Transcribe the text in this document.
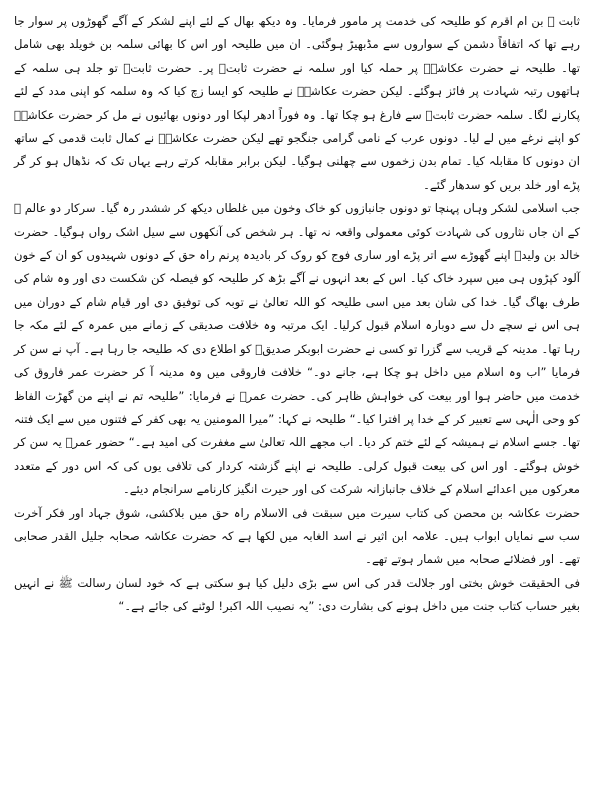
ثابت ؓ بن ام اقرم کو طلیحہ کی خدمت پر مامور فرمایا۔ وہ دیکھ بھال کے لئے اپنے لشکر کے آگے گھوڑوں پر سوار جا رہے تھا کہ اتفاقاً دشمن کے سواروں سے مڈبھیڑ ہوگئی۔ ان میں طلیحہ اور اس کا بھائی سلمہ بن خویلد بھی شامل تھا۔ طلیحہ نے حضرت عکاشہؓ پر حملہ کیا اور سلمہ نے حضرت ثابتؓ پر۔ حضرت ثابتؓ تو جلد ہی سلمہ کے ہاتھوں رتبہ شہادت پر فائز ہوگئے۔ لیکن حضرت عکاشہؓ نے طلیحہ کو ایسا زچ کیا کہ وہ سلمہ کو اپنی مدد کے لئے پکارنے لگا۔ سلمہ حضرت ثابتؓ سے فارغ ہو چکا تھا۔ وہ فوراً ادھر لپکا اور دونوں بھائیوں نے مل کر حضرت عکاشہؓ کو اپنے نرغے میں لے لیا۔ دونوں عرب کے نامی گرامی جنگجو تھے لیکن حضرت عکاشہؓ نے کمال ثابت قدمی کے ساتھ ان دونوں کا مقابلہ کیا۔ تمام بدن زخموں سے چھلنی ہوگیا۔ لیکن برابر مقابلہ کرتے رہے یہاں تک کہ نڈھال ہو کر گر پڑے اور خلد بریں کو سدھار گئے۔

جب اسلامی لشکر وہاں پہنچا تو دونوں جانبازوں کو خاک وخون میں غلطاں دیکھ کر ششدر رہ گیا۔ سرکار دو عالم ﷺ کے ان جاں نثاروں کی شہادت کوئی معمولی واقعہ نہ تھا۔ ہر شخص کی آنکھوں سے سیل اشک رواں ہوگیا۔ حضرت خالد بن ولیدؓ اپنے گھوڑے سے اتر پڑے اور ساری فوج کو روک کر بادیدہ پرنم راہ حق کے دونوں شہیدوں کو ان کے خون آلود کپڑوں ہی میں سپرد خاک کیا۔ اس کے بعد انہوں نے آگے بڑھ کر طلیحہ کو فیصلہ کن شکست دی اور وہ شام کی طرف بھاگ گیا۔ خدا کی شان بعد میں اسی طلیحہ کو اللہ تعالیٰ نے توبہ کی توفیق دی اور قیام شام کے دوران میں ہی اس نے سچے دل سے دوبارہ اسلام قبول کرلیا۔ ایک مرتبہ وہ خلافت صدیقی کے زمانے میں عمرہ کے لئے مکہ جا رہا تھا۔ مدینہ کے قریب سے گزرا تو کسی نے حضرت ابوبکر صدیقؓ کو اطلاع دی کہ طلیحہ جا رہا ہے۔ آپ نے سن کر فرمایا ”اب وہ اسلام میں داخل ہو چکا ہے، جانے دو۔“ خلافت فاروقی میں وہ مدینہ آ کر حضرت عمر فاروق کی خدمت میں حاضر ہوا اور بیعت کی خواہش ظاہر کی۔ حضرت عمرؓ نے فرمایا: ”طلیحہ تم نے اپنے من گھڑت الفاظ کو وحی الٰہی سے تعبیر کر کے خدا پر افترا کیا۔“ طلیحہ نے کہا: ”میرا المومنین یہ بھی کفر کے فتنوں میں سے ایک فتنہ تھا۔ جسے اسلام نے ہمیشہ کے لئے ختم کر دیا۔ اب مجھے اللہ تعالیٰ سے مغفرت کی امید ہے۔“ حضور عمرؓ یہ سن کر خوش ہوگئے۔ اور اس کی بیعت قبول کرلی۔ طلیحہ نے اپنے گزشتہ کردار کی تلافی یوں کی کہ اس دور کے متعدد معرکوں میں اعدائے اسلام کے خلاف جانبازانہ شرکت کی اور حیرت انگیز کارنامے سرانجام دیئے۔

حضرت عکاشہ بن محصن کی کتاب سیرت میں سبقت فی الاسلام راہ حق میں بلاکشی، شوق جہاد اور فکر آخرت سب سے نمایاں ابواب ہیں۔ علامہ ابن اثیر نے اسد الغابہ میں لکھا ہے کہ حضرت عکاشہ صحابہ جلیل القدر صحابی تھے۔ اور فضلائے صحابہ میں شمار ہوتے تھے۔

فی الحقیقت خوش بختی اور جلالت قدر کی اس سے بڑی دلیل کیا ہو سکتی ہے کہ خود لسان رسالت ﷺ نے انہیں بغیر حساب کتاب جنت میں داخل ہونے کی بشارت دی: ”یہ نصیب اللہ اکبر! لوٹنے کی جائے ہے۔“
